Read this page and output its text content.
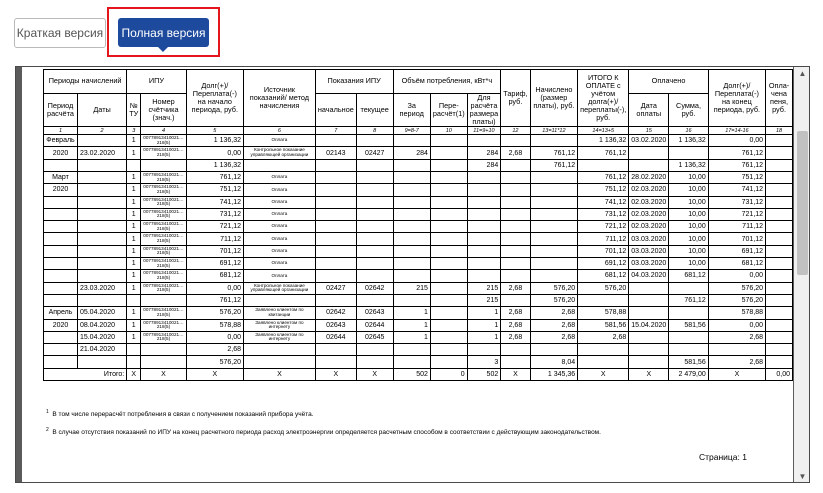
Краткая версия Полная версия
Периоды начислений		ИПУ		Долг(+)/ Переплата(-) на начало периода, руб.	Источник показаний/ метод начисления	Показания ИПУ		Объём потребления, кВт*ч			Тариф, руб.	Начислено (размер платы), руб.	ИТОГО К ОПЛАТЕ с учётом долга(+)/ переплаты(-), руб.	Оплачено		Долг(+)/ Переплата(-) на конец периода, руб.	Опла- чена пеня, руб.
Период расчёта	Даты	№ ТУ	Номер счётчика (знач.)			начальное	текущее	За период	Пере- расчёт(1)	Для расчёта размера платы)				Дата оплаты	Сумма, руб.		
1	2	3	4	5	6	7	8	9=8-7	10	11=9+10	12	13=11*12	14=13+5	15	16	17=14-16	18
Февраль		1	00778913410021…
218(5)	1 136,32	Оплата								1 136,32	03.02.2020	1 136,32	0,00	
2020	23.02.2020	1	00778913410021…
218(5)	0,00	Контрольное показание управляющей организации	02143	02427	284		284	2,68	761,12	761,12			761,12	
				1 136,32						284		761,12			1 136,32	761,12	
Март		1	00778913410021…
218(5)	761,12	Оплата								761,12	28.02.2020	10,00	751,12	
2020		1	00778913410021…
218(5)	751,12	Оплата								751,12	02.03.2020	10,00	741,12	
		1	00778913410021…
218(5)	741,12	Оплата								741,12	02.03.2020	10,00	731,12	
		1	00778913410021…
218(5)	731,12	Оплата								731,12	02.03.2020	10,00	721,12	
		1	00778913410021…
218(5)	721,12	Оплата								721,12	02.03.2020	10,00	711,12	
		1	00778913410021…
218(5)	711,12	Оплата								711,12	03.03.2020	10,00	701,12	
		1	00778913410021…
218(5)	701,12	Оплата								701,12	03.03.2020	10,00	691,12	
		1	00778913410021…
218(5)	691,12	Оплата								691,12	03.03.2020	10,00	681,12	
		1	00778913410021…
218(5)	681,12	Оплата								681,12	04.03.2020	681,12	0,00	
	23.03.2020	1	00778913410021…
218(5)	0,00	Контрольное показание управляющей организации	02427	02642	215		215	2,68	576,20	576,20			576,20	
				761,12						215		576,20			761,12	576,20	
Апрель	05.04.2020	1	00778913410021…
218(5)	576,20	Заявлено клиентом по квитанции	02642	02643	1		1	2,68	2,68	578,88			578,88	
2020	08.04.2020	1	00778913410021…
218(5)	578,88	Заявлено клиентом по интернету	02643	02644	1		1	2,68	2,68	581,56	15.04.2020	581,56	0,00	
	15.04.2020	1	00778913410021…
218(5)	0,00	Заявлено клиентом по интернету	02644	02645	1		1	2,68	2,68	2,68			2,68	
	21.04.2020			2,68													
				576,20						3		8,04			581,56	2,68	
Итого:		X	X	X	X	X	X	502	0	502	X	1 345,36	X	X	2 479,00	X	0,00
$^1$ В том числе перерасчёт потребления в связи с получением показаний прибора учёта.
$^2$ В случае отсутствия показаний по ИПУ на конец расчетного периода расход электроэнергии определяется расчетным способом в соответствии с действующим законодательством.
Страница: 1
▲
▼
